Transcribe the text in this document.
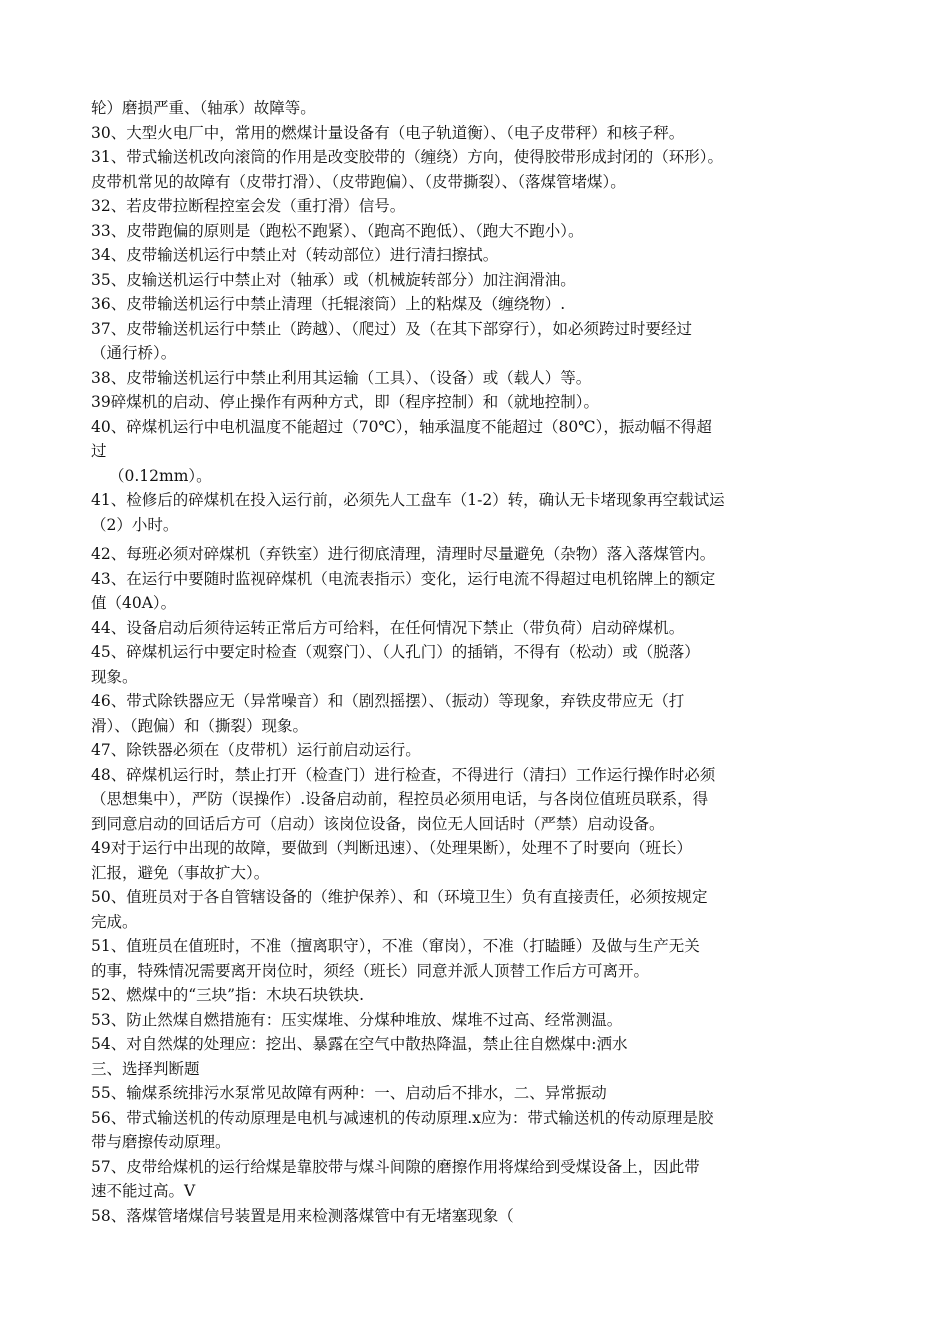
轮）磨损严重、（轴承）故障等。
30、大型火电厂中，常用的燃煤计量设备有（电子轨道衡）、（电子皮带秤）和核子秤。
31、带式输送机改向滚筒的作用是改变胶带的（缠绕）方向，使得胶带形成封闭的（环形）。
皮带机常见的故障有（皮带打滑）、（皮带跑偏）、（皮带撕裂）、（落煤管堵煤）。
32、若皮带拉断程控室会发（重打滑）信号。
33、皮带跑偏的原则是（跑松不跑紧）、（跑高不跑低）、（跑大不跑小）。
34、皮带输送机运行中禁止对（转动部位）进行清扫擦拭。
35、皮输送机运行中禁止对（轴承）或（机械旋转部分）加注润滑油。
36、皮带输送机运行中禁止清理（托辊滚筒）上的粘煤及（缠绕物）.
37、皮带输送机运行中禁止（跨越）、（爬过）及（在其下部穿行），如必须跨过时要经过
（通行桥）。
38、皮带输送机运行中禁止利用其运输（工具）、（设备）或（载人）等。
39碎煤机的启动、停止操作有两种方式，即（程序控制）和（就地控制）。
40、碎煤机运行中电机温度不能超过（70℃），轴承温度不能超过（80℃），振动幅不得超
过
（0.12mm）。
41、检修后的碎煤机在投入运行前，必须先人工盘车（1-2）转，确认无卡堵现象再空载试运
（2）小时。
42、每班必须对碎煤机（弃铁室）进行彻底清理，清理时尽量避免（杂物）落入落煤管内。
43、在运行中要随时监视碎煤机（电流表指示）变化，运行电流不得超过电机铭牌上的额定
值（40A）。
44、设备启动后须待运转正常后方可给料，在任何情况下禁止（带负荷）启动碎煤机。
45、碎煤机运行中要定时检查（观察门）、（人孔门）的插销，不得有（松动）或（脱落）
现象。
46、带式除铁器应无（异常噪音）和（剧烈摇摆）、（振动）等现象，弃铁皮带应无（打
滑）、（跑偏）和（撕裂）现象。
47、除铁器必须在（皮带机）运行前启动运行。
48、碎煤机运行时，禁止打开（检查门）进行检查，不得进行（清扫）工作运行操作时必须
（思想集中），严防（误操作）.设备启动前，程控员必须用电话，与各岗位值班员联系，得
到同意启动的回话后方可（启动）该岗位设备，岗位无人回话时（严禁）启动设备。
49对于运行中出现的故障，要做到（判断迅速）、（处理果断），处理不了时要向（班长）
汇报，避免（事故扩大）。
50、值班员对于各自管辖设备的（维护保养）、和（环境卫生）负有直接责任，必须按规定
完成。
51、值班员在值班时，不准（擅离职守），不准（窜岗），不准（打瞌睡）及做与生产无关
的事，特殊情况需要离开岗位时，须经（班长）同意并派人顶替工作后方可离开。
52、燃煤中的“三块”指：木块石块铁块.
53、防止然煤自燃措施有：压实煤堆、分煤种堆放、煤堆不过高、经常测温。
54、对自然煤的处理应：挖出、暴露在空气中散热降温，禁止往自燃煤中:洒水
三、选择判断题
55、输煤系统排污水泵常见故障有两种：一、启动后不排水，二、异常振动
56、带式输送机的传动原理是电机与减速机的传动原理.x应为：带式输送机的传动原理是胶
带与磨擦传动原理。
57、皮带给煤机的运行给煤是靠胶带与煤斗间隙的磨擦作用将煤给到受煤设备上，因此带
速不能过高。V
58、落煤管堵煤信号装置是用来检测落煤管中有无堵塞现象（
